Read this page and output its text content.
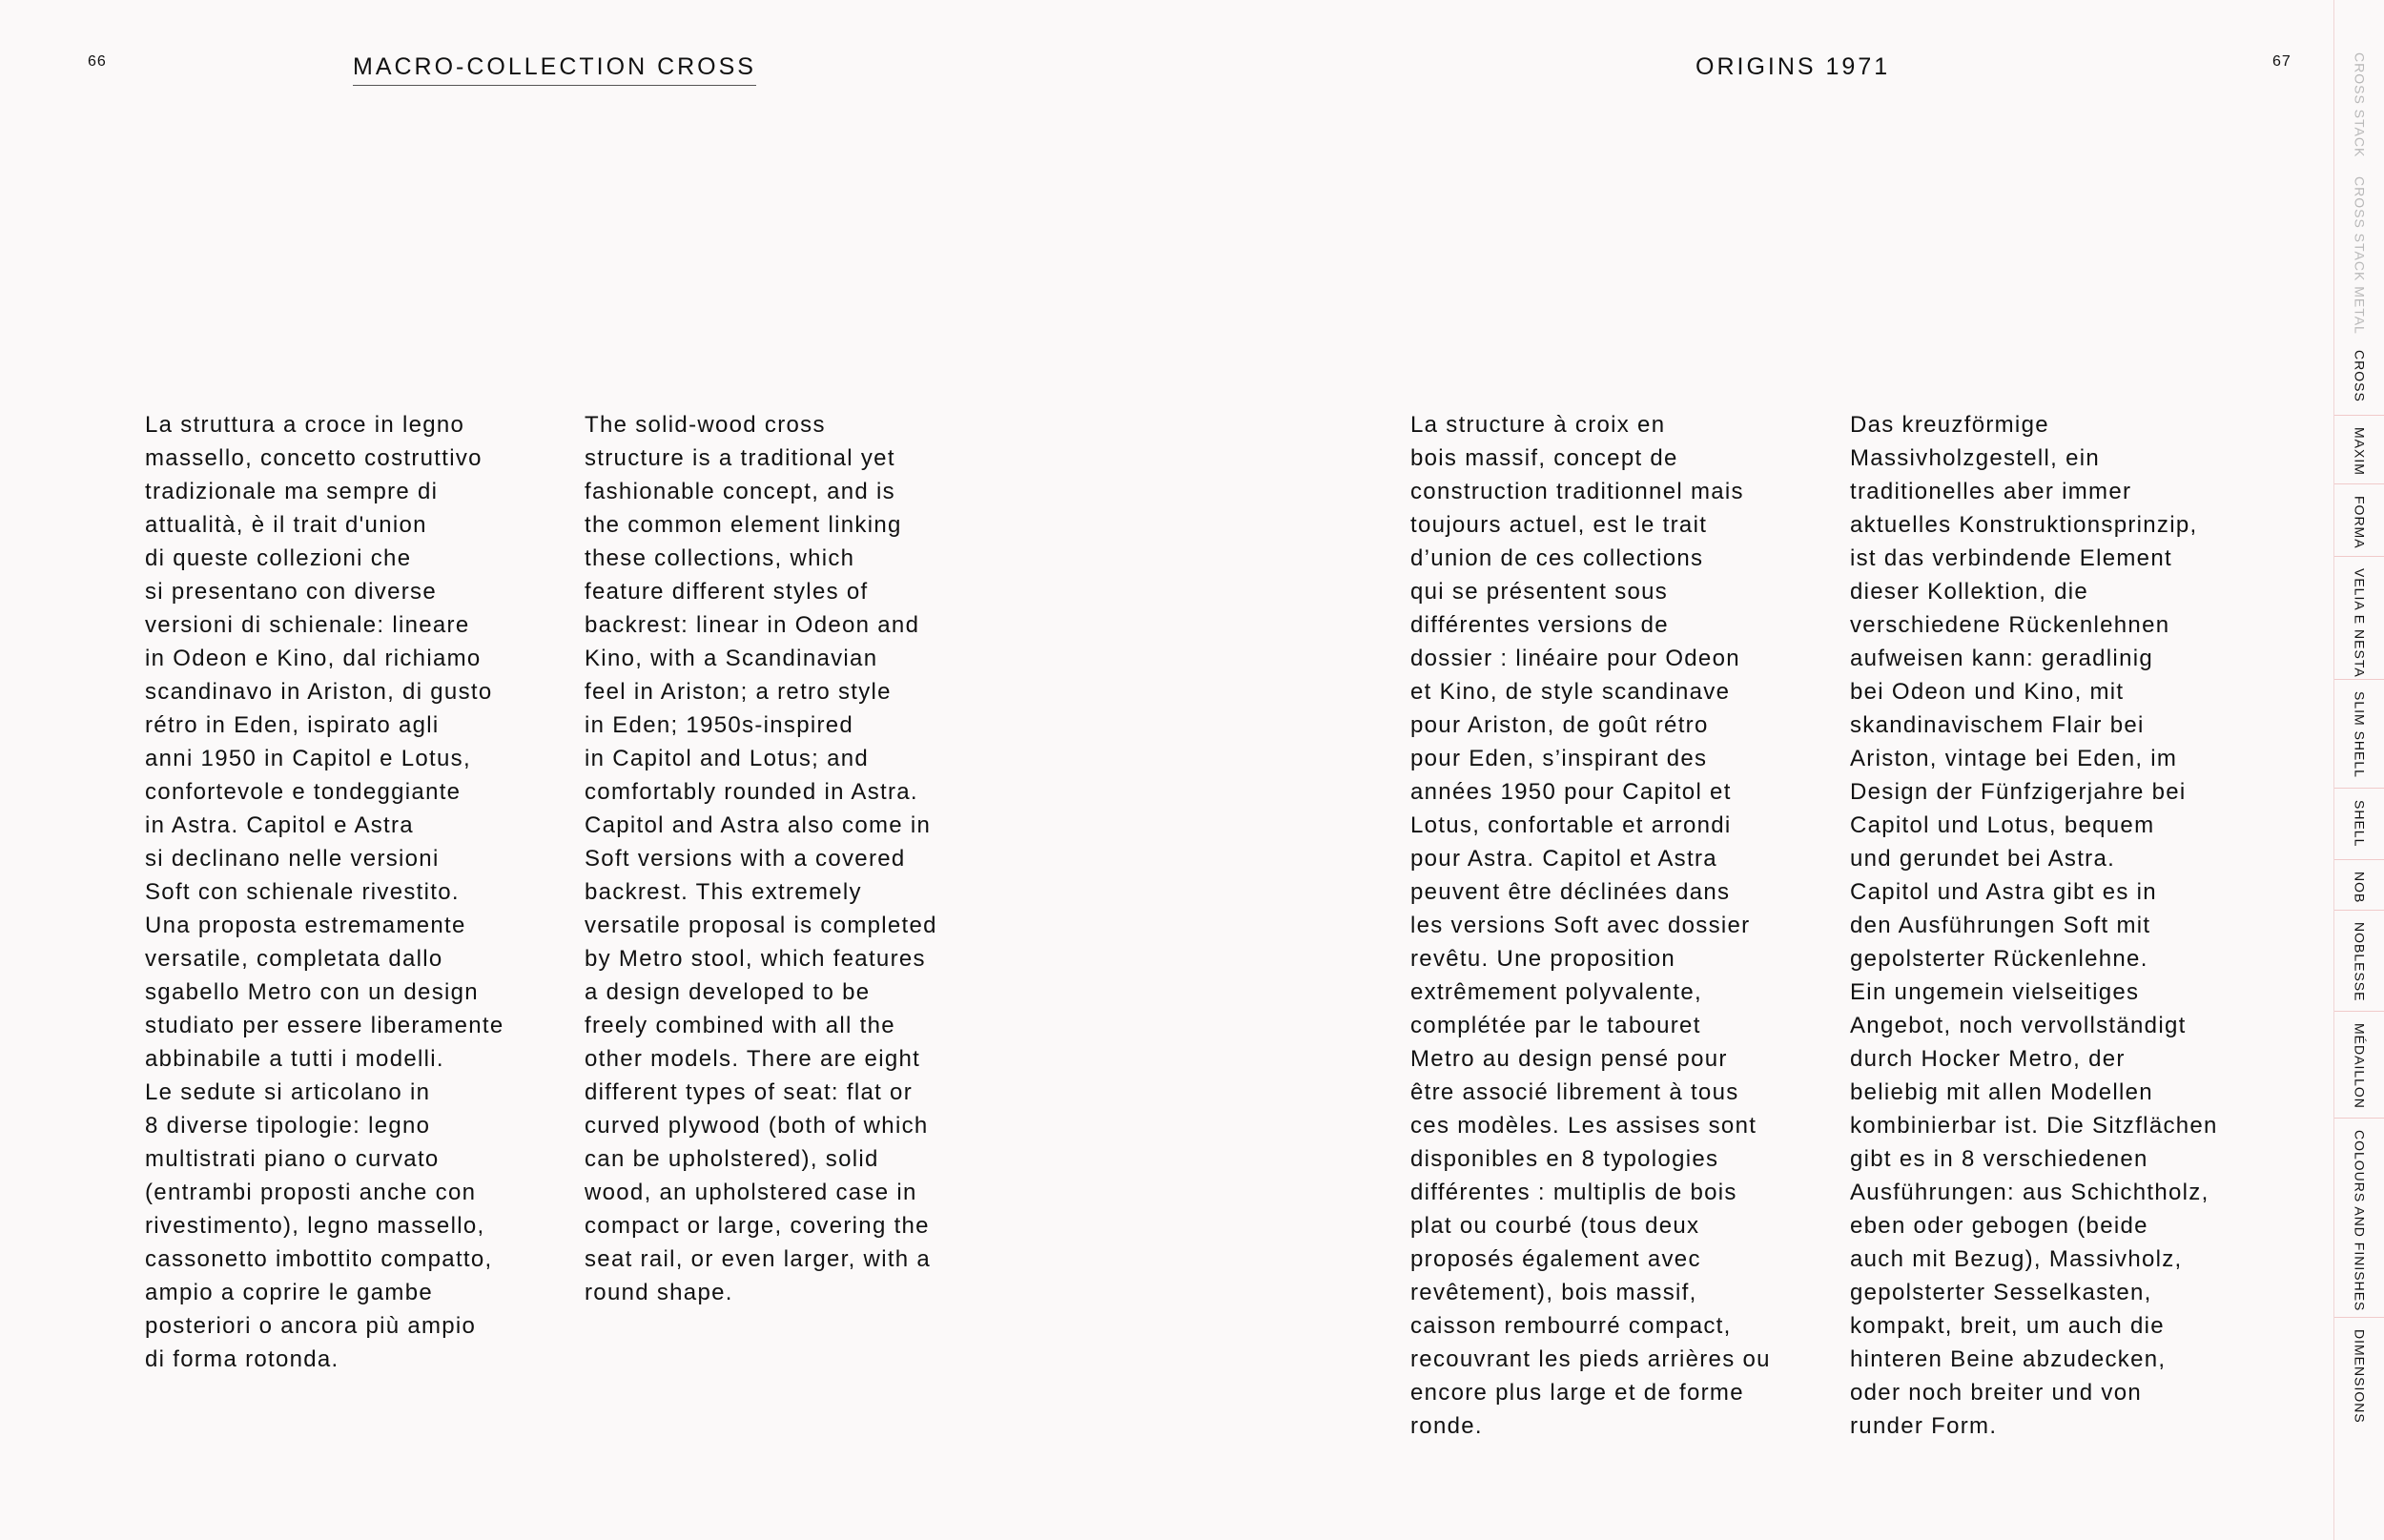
66	MACRO-COLLECTION CROSS
La struttura a croce in legno
massello, concetto costruttivo
tradizionale ma sempre di
attualità, è il trait d'union
di queste collezioni che
si presentano con diverse
versioni di schienale: lineare
in Odeon e Kino, dal richiamo
scandinavo in Ariston, di gusto
rétro in Eden, ispirato agli
anni 1950 in Capitol e Lotus,
confortevole e tondeggiante
in Astra. Capitol e Astra
si declinano nelle versioni
Soft con schienale rivestito.
Una proposta estremamente
versatile, completata dallo
sgabello Metro con un design
studiato per essere liberamente
abbinabile a tutti i modelli.
Le sedute si articolano in
8 diverse tipologie: legno
multistrati piano o curvato
(entrambi proposti anche con
rivestimento), legno massello,
cassonetto imbottito compatto,
ampio a coprire le gambe
posteriori o ancora più ampio
di forma rotonda.
The solid-wood cross
structure is a traditional yet
fashionable concept, and is
the common element linking
these collections, which
feature different styles of
backrest: linear in Odeon and
Kino, with a Scandinavian
feel in Ariston; a retro style
in Eden; 1950s-inspired
in Capitol and Lotus; and
comfortably rounded in Astra.
Capitol and Astra also come in
Soft versions with a covered
backrest. This extremely
versatile proposal is completed
by Metro stool, which features
a design developed to be
freely combined with all the
other models. There are eight
different types of seat: flat or
curved plywood (both of which
can be upholstered), solid
wood, an upholstered case in
compact or large, covering the
seat rail, or even larger, with a
round shape.
ORIGINS 1971	67
La structure à croix en
bois massif, concept de
construction traditionnel mais
toujours actuel, est le trait
d’union de ces collections
qui se présentent sous
différentes versions de
dossier : linéaire pour Odeon
et Kino, de style scandinave
pour Ariston, de goût rétro
pour Eden, s’inspirant des
années 1950 pour Capitol et
Lotus, confortable et arrondi
pour Astra. Capitol et Astra
peuvent être déclinées dans
les versions Soft avec dossier
revêtu. Une proposition
extrêmement polyvalente,
complétée par le tabouret
Metro au design pensé pour
être associé librement à tous
ces modèles. Les assises sont
disponibles en 8 typologies
différentes : multiplis de bois
plat ou courbé (tous deux
proposés également avec
revêtement), bois massif,
caisson rembourré compact,
recouvrant les pieds arrières ou
encore plus large et de forme
ronde.
Das kreuzförmige
Massivholzgestell, ein
traditionelles aber immer
aktuelles Konstruktionsprinzip,
ist das verbindende Element
dieser Kollektion, die
verschiedene Rückenlehnen
aufweisen kann: geradlinig
bei Odeon und Kino, mit
skandinavischem Flair bei
Ariston, vintage bei Eden, im
Design der Fünfzigerjahre bei
Capitol und Lotus, bequem
und gerundet bei Astra.
Capitol und Astra gibt es in
den Ausführungen Soft mit
gepolsterter Rückenlehne.
Ein ungemein vielseitiges
Angebot, noch vervollständigt
durch Hocker Metro, der
beliebig mit allen Modellen
kombinierbar ist. Die Sitzflächen
gibt es in 8 verschiedenen
Ausführungen: aus Schichtholz,
eben oder gebogen (beide
auch mit Bezug), Massivholz,
gepolsterter Sesselkasten,
kompakt, breit, um auch die
hinteren Beine abzudecken,
oder noch breiter und von
runder Form.
CROSS STACK
CROSS STACK METAL
CROSS
MAXIM
FORMA
VELIA E NESTA
SLIM SHELL
SHELL
NOB
NOBLESSE
MÉDAILLON
COLOURS AND FINISHES
DIMENSIONS
